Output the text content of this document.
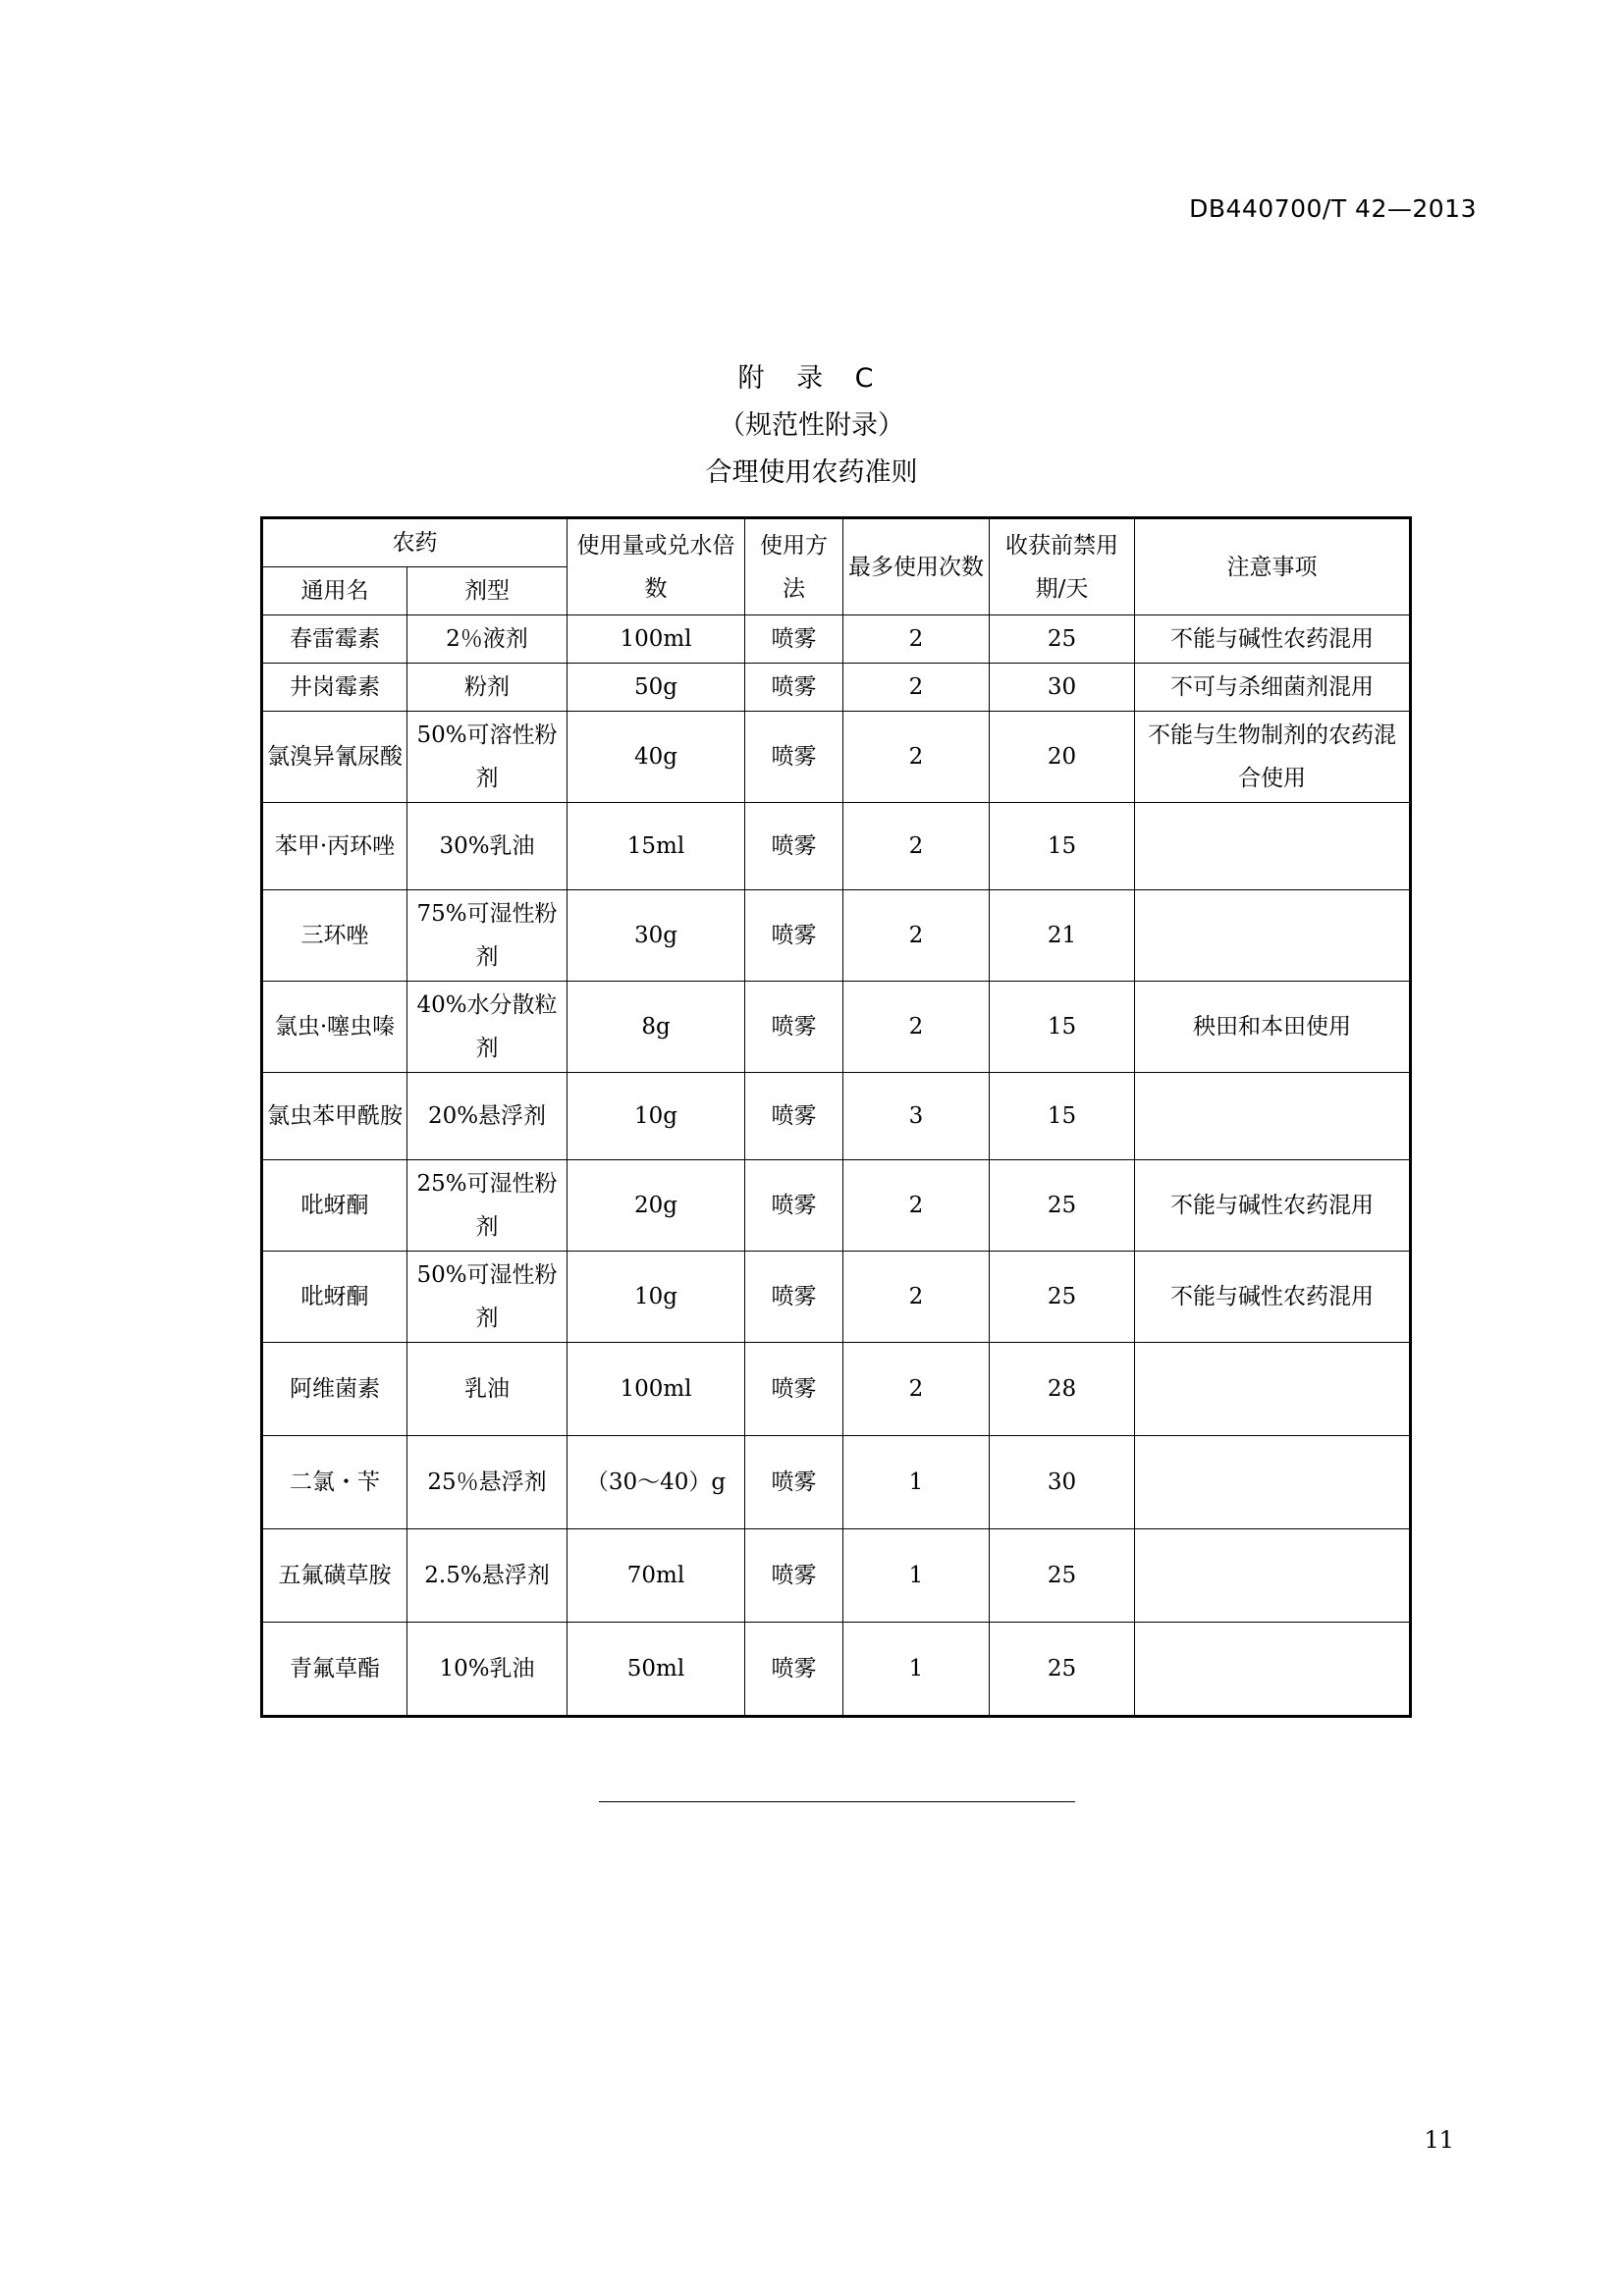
DB440700/T 42—2013
附 录 C
（规范性附录）
合理使用农药准则
农药		使用量或兑水倍数	使用方法	最多使用次数	收获前禁用期/天	注意事项
通用名	剂型					
春雷霉素	2％液剂	100ml	喷雾	2	25	不能与碱性农药混用
井岗霉素	粉剂	50g	喷雾	2	30	不可与杀细菌剂混用
氯溴异氰尿酸	50%可溶性粉剂	40g	喷雾	2	20	不能与生物制剂的农药混合使用
苯甲·丙环唑	30%乳油	15ml	喷雾	2	15	
三环唑	75%可湿性粉剂	30g	喷雾	2	21	
氯虫·噻虫嗪	40%水分散粒剂	8g	喷雾	2	15	秧田和本田使用
氯虫苯甲酰胺	20%悬浮剂	10g	喷雾	3	15	
吡蚜酮	25%可湿性粉剂	20g	喷雾	2	25	不能与碱性农药混用
吡蚜酮	50%可湿性粉剂	10g	喷雾	2	25	不能与碱性农药混用
阿维菌素	乳油	100ml	喷雾	2	28	
二氯・苄	25％悬浮剂	（30～40）g	喷雾	1	30	
五氟磺草胺	2.5%悬浮剂	70ml	喷雾	1	25	
青氟草酯	10%乳油	50ml	喷雾	1	25	
11
